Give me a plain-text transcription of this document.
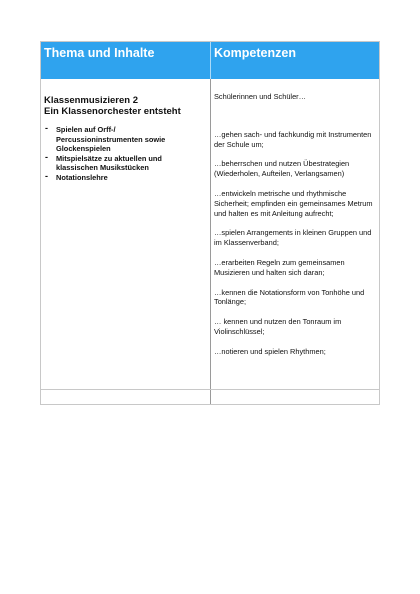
Thema und Inhalte	Kompetenzen

Klassenmusizieren 2

Ein Klassenorchester entsteht

- Spielen auf Orff-/ Percussioninstrumenten sowie Glockenspielen
- Mitspielsätze zu aktuellen und klassischen Musikstücken
- Notationslehre

Schülerinnen und Schüler…

…gehen sach- und fachkundig mit Instrumenten der Schule um;

…beherrschen und nutzen Übestrategien (Wiederholen, Aufteilen, Verlangsamen)

…entwickeln metrische und rhythmische Sicherheit; empfinden ein gemeinsames Metrum und halten es mit Anleitung aufrecht;

…spielen Arrangements in kleinen Gruppen und im Klassenverband;

…erarbeiten Regeln zum gemeinsamen Musizieren und halten sich daran;

…kennen die Notationsform von Tonhöhe und Tonlänge;

… kennen und nutzen den Tonraum im Violinschlüssel;

…notieren und spielen Rhythmen;
